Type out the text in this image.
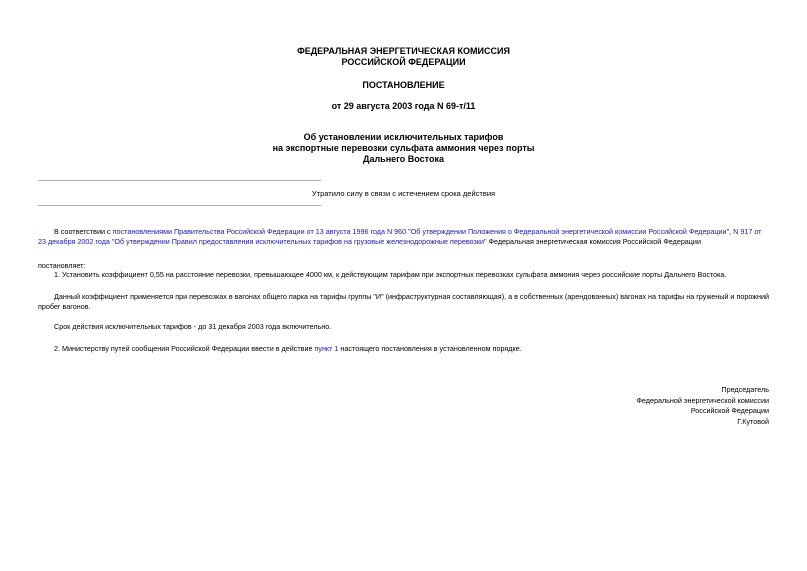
ФЕДЕРАЛЬНАЯ ЭНЕРГЕТИЧЕСКАЯ КОМИССИЯ
РОССИЙСКОЙ ФЕДЕРАЦИИ
ПОСТАНОВЛЕНИЕ
от 29 августа 2003 года N 69-т/11
Об установлении исключительных тарифов
на экспортные перевозки сульфата аммония через порты
Дальнего Востока
Утратило силу в связи с истечением срока действия
В соответствии с постановлениями Правительства Российской Федерации от 13 августа 1996 года N 960 "Об утверждении Положения о Федеральной энергетической комиссии Российской Федерации", N 917 от 23 декабря 2002 года "Об утверждении Правил предоставления исключительных тарифов на грузовые железнодорожные перевозки" Федеральная энергетическая комиссия Российской Федерации
постановляет:
1. Установить коэффициент 0,55 на расстояние перевозки, превышающее 4000 км, к действующим тарифам при экспортных перевозках сульфата аммония через российские порты Дальнего Востока.
Данный коэффициент применяется при перевозках в вагонах общего парка на тарифы группы "И" (инфраструктурная составляющая), а в собственных (арендованных) вагонах на тарифы на груженый и порожний пробег вагонов.
Срок действия исключительных тарифов - до 31 декабря 2003 года включительно.
2. Министерству путей сообщения Российской Федерации ввести в действие пункт 1 настоящего постановления в установленном порядке.
Председатель
Федеральной энергетической комиссии
Российской Федерации
Г.Кутовой
